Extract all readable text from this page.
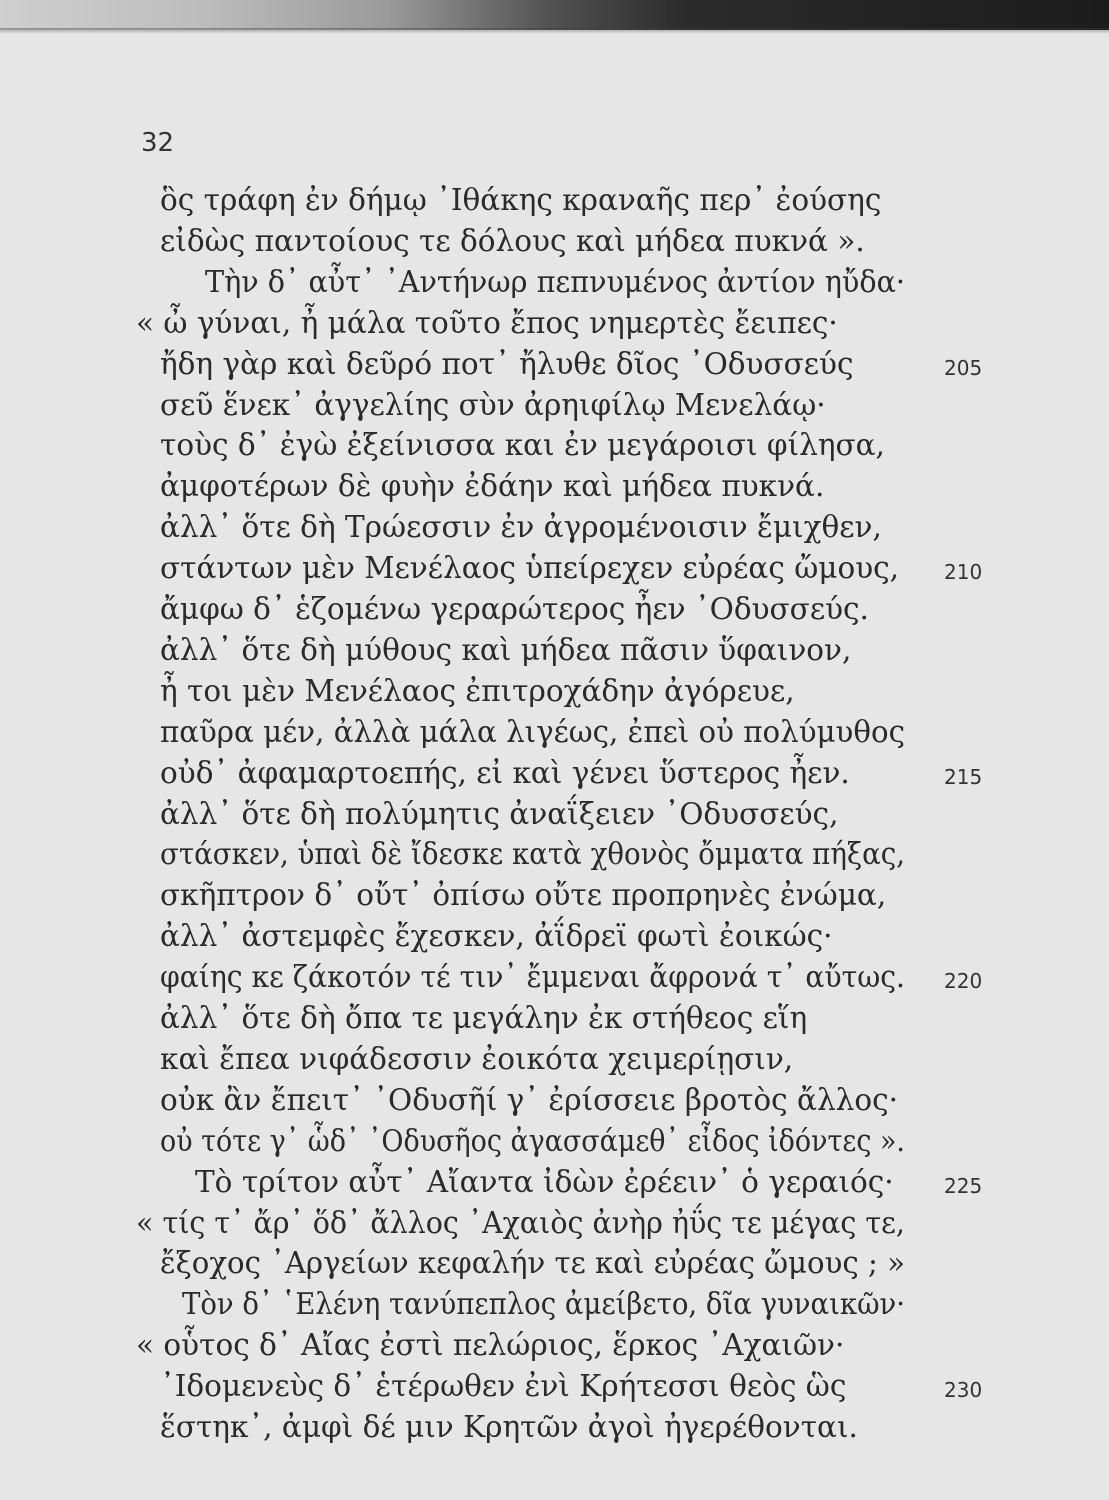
32
ὃς τράφη ἐν δήμῳ ᾿Ιθάκης κραναῆς περ᾿ ἐούσης
εἰδὼς παντοίους τε δόλους καὶ μήδεα πυκνά ».
Τὴν δ᾿ αὖτ᾿ ᾿Αντήνωρ πεπνυμένος ἀντίον ηὔδα·
« ὦ γύναι, ἦ μάλα τοῦτο ἔπος νημερτὲς ἔειπες·
ἤδη γὰρ καὶ δεῦρό ποτ᾿ ἤλυθε δῖος ᾿Οδυσσεύς	205
σεῦ ἕνεκ᾿ ἀγγελίης σὺν ἀρηιφίλῳ Μενελάῳ·
τοὺς δ᾿ ἐγὼ ἐξείνισσα και ἐν μεγάροισι φίλησα,
ἀμφοτέρων δὲ φυὴν ἐδάην καὶ μήδεα πυκνά.
ἀλλ᾿ ὅτε δὴ Τρώεσσιν ἐν ἀγρομένοισιν ἔμιχθεν,
στάντων μὲν Μενέλαος ὑπείρεχεν εὐρέας ὤμους, 210
ἄμφω δ᾿ ἑζομένω γεραρώτερος ἦεν ᾿Οδυσσεύς.
ἀλλ᾿ ὅτε δὴ μύθους καὶ μήδεα πᾶσιν ὕφαινον,
ἦ τοι μὲν Μενέλαος ἐπιτροχάδην ἀγόρευε,
παῦρα μέν, ἀλλὰ μάλα λιγέως, ἐπεὶ οὐ πολύμυθος
οὐδ᾿ ἀφαμαρτοεπής, εἰ καὶ γένει ὕστερος ἦεν.	215
ἀλλ᾿ ὅτε δὴ πολύμητις ἀναΐξειεν ᾿Οδυσσεύς,
στάσκεν, ὑπαὶ δὲ ἴδεσκε κατὰ χθονὸς ὄμματα πήξας,
σκῆπτρον δ᾿ οὔτ᾿ ὀπίσω οὔτε προπρηνὲς ἐνώμα,
ἀλλ᾿ ἀστεμφὲς ἔχεσκεν, ἀΐδρεϊ φωτὶ ἐοικώς·
φαίης κε ζάκοτόν τέ τιν᾿ ἔμμεναι ἄφρονά τ᾿ αὔτως. 220
ἀλλ᾿ ὅτε δὴ ὄπα τε μεγάλην ἐκ στήθεος εἵη
καὶ ἔπεα νιφάδεσσιν ἐοικότα χειμερίῃσιν,
οὐκ ἂν ἔπειτ᾿ ᾿Οδυσῆί γ᾿ ἐρίσσειε βροτὸς ἄλλος·
οὐ τότε γ᾿ ὧδ᾿ ᾿Οδυσῆος ἀγασσάμεθ᾿ εἶδος ἰδόντες ».
Τὸ τρίτον αὖτ᾿ Αἴαντα ἰδὼν ἐρέειν᾿ ὁ γεραιός·	225
« τίς τ᾿ ἄρ᾿ ὅδ᾿ ἄλλος ᾿Αχαιὸς ἀνὴρ ἠΰς τε μέγας τε,
ἔξοχος ᾿Αργείων κεφαλήν τε καὶ εὐρέας ὤμους ; »
Τὸν δ᾿ ῾Ελένη τανύπεπλος ἀμείβετο, δῖα γυναικῶν·
« οὗτος δ᾿ Αἴας ἐστὶ πελώριος, ἕρκος ᾿Αχαιῶν·
᾿Ιδομενεὺς δ᾿ ἑτέρωθεν ἐνὶ Κρήτεσσι θεὸς ὣς	230
ἕστηκ᾿, ἀμφὶ δέ μιν Κρητῶν ἀγοὶ ἠγερέθονται.
